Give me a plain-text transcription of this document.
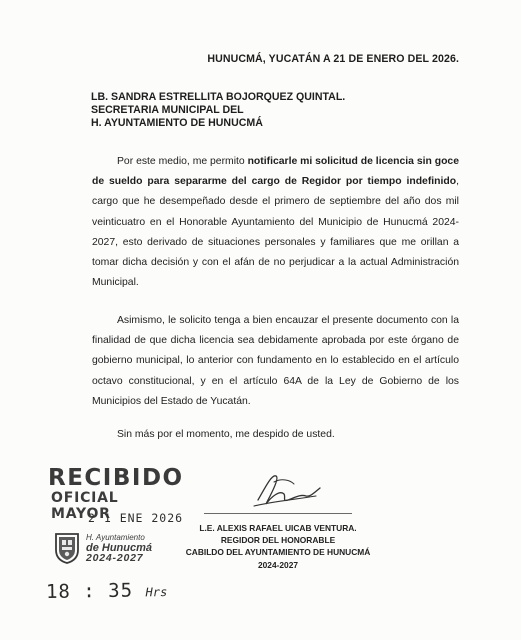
HUNUCMÁ, YUCATÁN A 21 DE ENERO DEL 2026.
LB. SANDRA ESTRELLITA BOJORQUEZ QUINTAL.
SECRETARIA MUNICIPAL DEL
H. AYUNTAMIENTO DE HUNUCMÁ

Por este medio, me permito notificarle mi solicitud de licencia sin goce de sueldo para separarme del cargo de Regidor por tiempo indefinido, cargo que he desempeñado desde el primero de septiembre del año dos mil veinticuatro en el Honorable Ayuntamiento del Municipio de Hunucmá 2024-2027, esto derivado de situaciones personales y familiares que me orillan a tomar dicha decisión y con el afán de no perjudicar a la actual Administración Municipal.

Asimismo, le solicito tenga a bien encauzar el presente documento con la finalidad de que dicha licencia sea debidamente aprobada por este órgano de gobierno municipal, lo anterior con fundamento en lo establecido en el artículo octavo constitucional, y en el artículo 64A de la Ley de Gobierno de los Municipios del Estado de Yucatán.

Sin más por el momento, me despido de usted.

RECIBIDO
OFICIAL MAYOR
2 1 ENE 2026
H. Ayuntamiento
de Hunucmá
2024-2027
18 : 35 Hrs
L.E. ALEXIS RAFAEL UICAB VENTURA.
REGIDOR DEL HONORABLE
CABILDO DEL AYUNTAMIENTO DE HUNUCMÁ
2024-2027
